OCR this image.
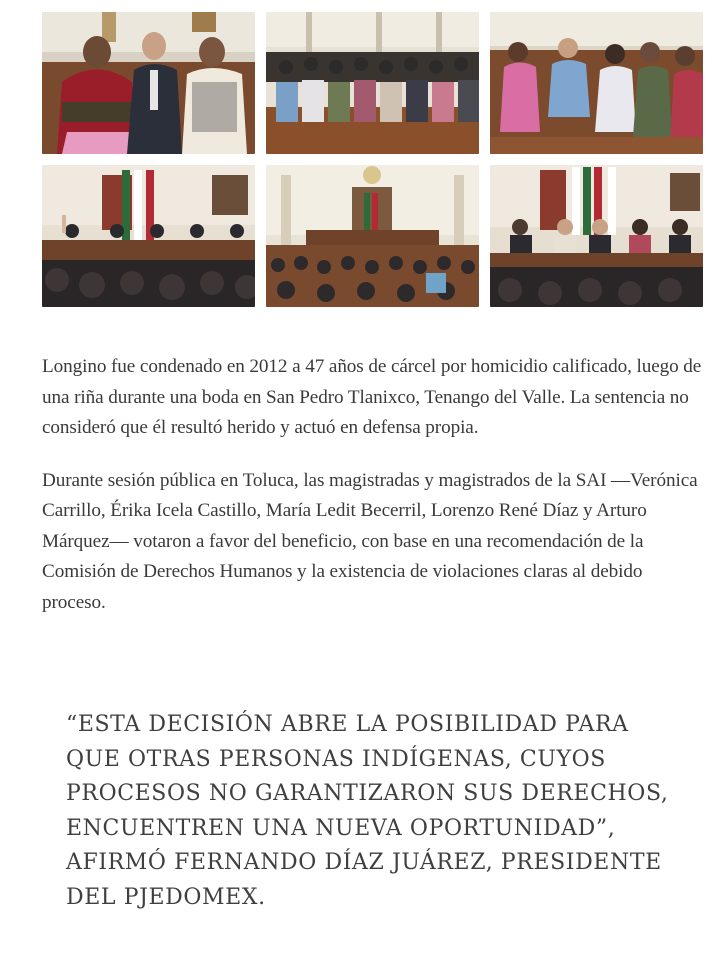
Longino fue condenado en 2012 a 47 años de cárcel por homicidio calificado, luego de una riña durante una boda en San Pedro Tlanixco, Tenango del Valle. La sentencia no consideró que él resultó herido y actuó en defensa propia.

Durante sesión pública en Toluca, las magistradas y magistrados de la SAI —Verónica Carrillo, Érika Icela Castillo, María Ledit Becerril, Lorenzo René Díaz y Arturo Márquez— votaron a favor del beneficio, con base en una recomendación de la Comisión de Derechos Humanos y la existencia de violaciones claras al debido proceso.

“ESTA DECISIÓN ABRE LA POSIBILIDAD PARA QUE OTRAS PERSONAS INDÍGENAS, CUYOS PROCESOS NO GARANTIZARON SUS DERECHOS, ENCUENTREN UNA NUEVA OPORTUNIDAD”, AFIRMÓ FERNANDO DÍAZ JUÁREZ, PRESIDENTE DEL PJEDOMEX.
